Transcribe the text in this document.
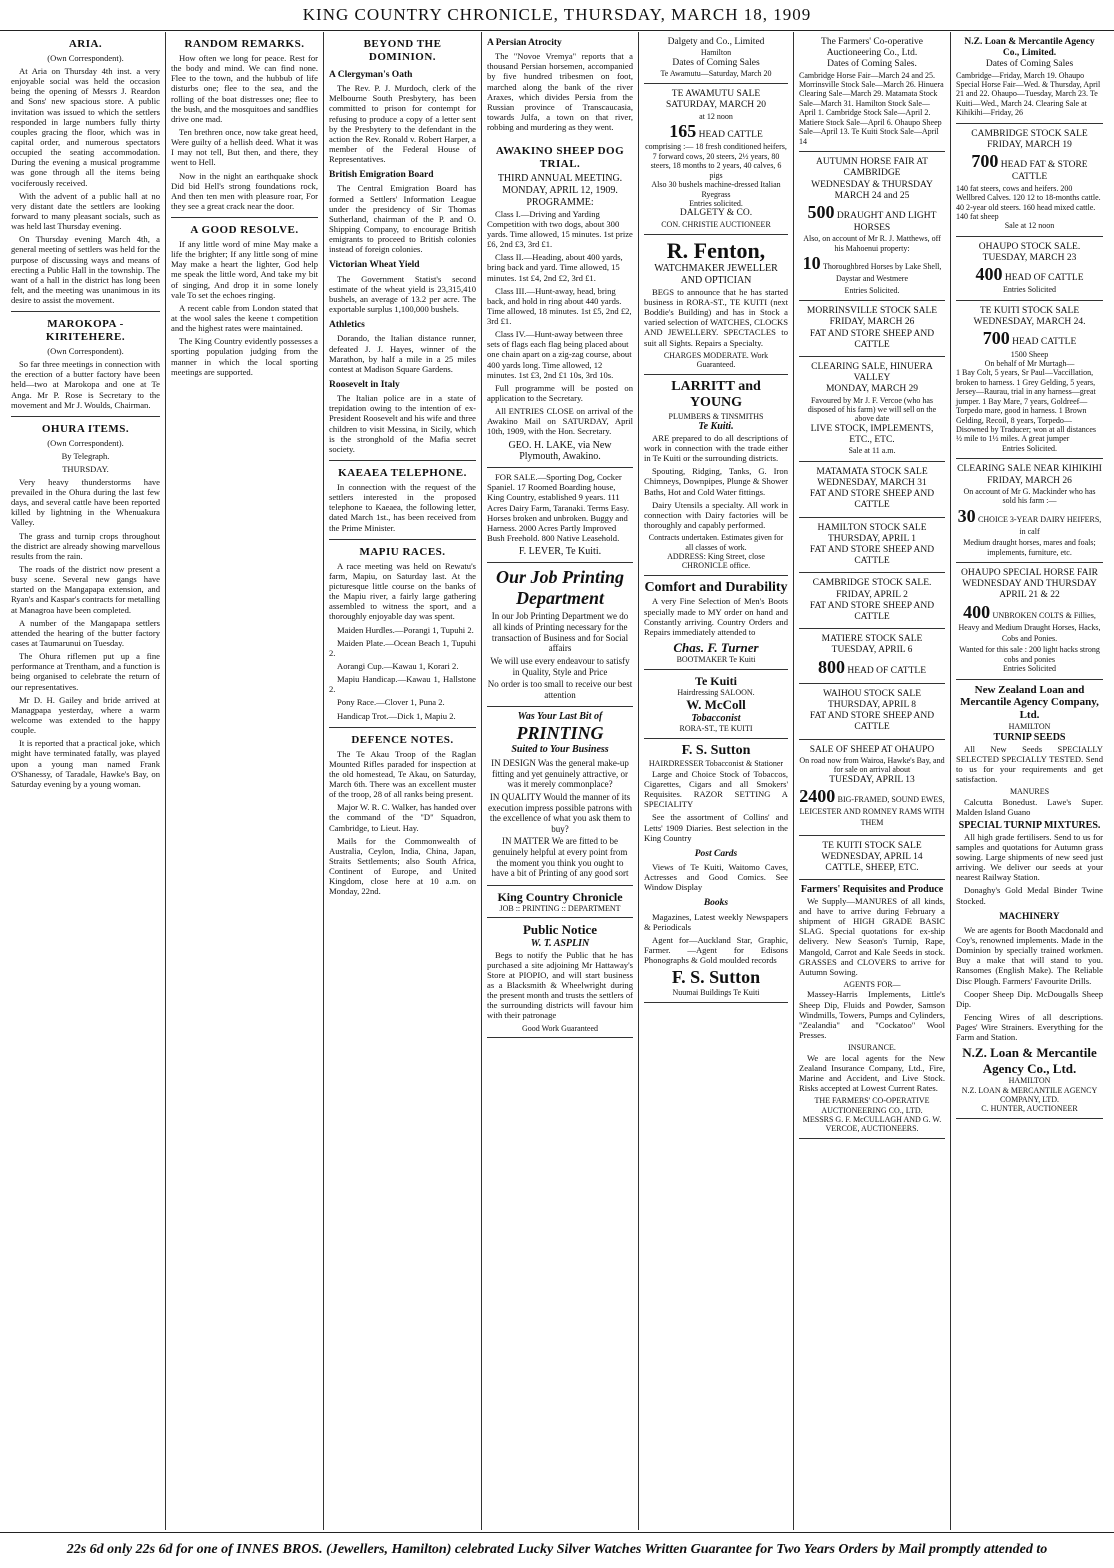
KING COUNTRY CHRONICLE, THURSDAY, MARCH 18, 1909
ARIA.
(Own Correspondent).

At Aria on Thursday 4th inst. a very enjoyable social was held the occasion being the opening of Messrs J. Reardon and Sons' new spacious store. A public invitation was issued to which the settlers responded in large numbers fully thirty couples gracing the floor, which was in capital order, and numerous spectators occupied the seating accommodation. During the evening a musical programme was gone through all the items being vociferously received.

With the advent of a public hall at no very distant date the settlers are looking forward to many pleasant socials, such as was held last Thursday evening.

On Thursday evening March 4th, a general meeting of settlers was held for the purpose of discussing ways and means of erecting a Public Hall in the township. The want of a hall in the district has long been felt, and the meeting was unanimous in its desire to assist the movement.

MAROKOPA - KIRITEHERE.
(Own Correspondent).

So far three meetings in connection with the erection of a butter factory have been held—two at Marokopa and one at Te Anga. Mr P. Rose is Secretary to the movement and Mr J. Woulds, Chairman.

OHURA ITEMS.
(Own Correspondent).
By Telegraph.
THURSDAY.

Very heavy thunderstorms have prevailed in the Ohura during the last few days, and several cattle have been reported killed by lightning in the Whenuakura Valley.

The grass and turnip crops throughout the district are already showing marvellous results from the rain.

The roads of the district now present a busy scene. Several new gangs have started on the Mangapapa extension, and Ryan's and Kaspar's contracts for metalling at Managroa have been completed.

A number of the Mangapapa settlers attended the hearing of the butter factory cases at Taumarunui on Tuesday.

The Ohura riflemen put up a fine performance at Trentham, and a function is being organised to celebrate the return of our representatives.

Mr D. H. Gailey and bride arrived at Managpapa yesterday, where a warm welcome was extended to the happy couple.

It is reported that a practical joke, which might have terminated fatally, was played upon a young man named Frank O'Shanessy, of Taradale, Hawke's Bay, on Saturday evening by a young woman.

RANDOM REMARKS.

How often we long for peace. Rest for the body and mind. We can find none. Flee to the town, and the hubbub of life disturbs one; flee to the sea, and the rolling of the boat distresses one; flee to the bush, and the mosquitoes and sandflies drive one mad.

Ten brethren once, now take great heed, Were guilty of a hellish deed. What it was I may not tell, But then, and there, they went to Hell.

Now in the night an earthquake shock Did bid Hell's strong foundations rock, And then ten men with pleasure roar, For they see a great crack near the door.

A GOOD RESOLVE.

If any little word of mine May make a life the brighter; If any little song of mine May make a heart the lighter, God help me speak the little word, And take my bit of singing, And drop it in some lonely vale To set the echoes ringing.

A recent cable from London stated that at the wool sales the keene t competition and the highest rates were maintained.

The King Country evidently possesses a sporting population judging from the manner in which the local sporting meetings are supported.

BEYOND THE DOMINION.
A Clergyman's Oath

The Rev. P. J. Murdoch, clerk of the Melbourne South Presbytery, has been committed to prison for contempt for refusing to produce a copy of a letter sent by the Presbytery to the defendant in the action the Rev. Ronald v. Robert Harper, a member of the Federal House of Representatives.

British Emigration Board

The Central Emigration Board has formed a Settlers' Information League under the presidency of Sir Thomas Sutherland, chairman of the P. and O. Shipping Company, to encourage British emigrants to proceed to British colonies instead of foreign colonies.

Victorian Wheat Yield

The Government Statist's second estimate of the wheat yield is 23,315,410 bushels, an average of 13.2 per acre. The exportable surplus 1,100,000 bushels.

Athletics

Dorando, the Italian distance runner, defeated J. J. Hayes, winner of the Marathon, by half a mile in a 25 miles contest at Madison Square Gardens.

Roosevelt in Italy

The Italian police are in a state of trepidation owing to the intention of ex-President Roosevelt and his wife and three children to visit Messina, in Sicily, which is the stronghold of the Mafia secret society.

KAEAEA TELEPHONE.

In connection with the request of the settlers interested in the proposed telephone to Kaeaea, the following letter, dated March 1st., has been received from the Prime Minister.

MAPIU RACES.

A race meeting was held on Rewatu's farm, Mapiu, on Saturday last. At the picturesque little course on the banks of the Mapiu river, a fairly large gathering assembled to witness the sport, and a thoroughly enjoyable day was spent.

Maiden Hurdles.—Porangi 1, Tupuhi 2.

Maiden Plate.—Ocean Beach 1, Tupuhi 2.

Aorangi Cup.—Kawau 1, Korari 2.

Mapiu Handicap.—Kawau 1, Hallstone 2.

Pony Race.—Clover 1, Puna 2.

Handicap Trot.—Dick 1, Mapiu 2.

DEFENCE NOTES.

The Te Akau Troop of the Raglan Mounted Rifles paraded for inspection at the old homestead, Te Akau, on Saturday, March 6th. There was an excellent muster of the troop, 28 of all ranks being present.

Major W. R. C. Walker, has handed over the command of the "D" Squadron, Cambridge, to Lieut. Hay.

Mails for the Commonwealth of Australia, Ceylon, India, China, Japan, Straits Settlements; also South Africa, Continent of Europe, and United Kingdom, close here at 10 a.m. on Monday, 22nd.

A Persian Atrocity

The "Novoe Vremya" reports that a thousand Persian horsemen, accompanied by five hundred tribesmen on foot, marched along the bank of the river Araxes, which divides Persia from the Russian province of Transcaucasia, towards Julfa, a town on that river, robbing and murdering as they went.

AWAKINO SHEEP DOG TRIAL.
THIRD ANNUAL MEETING.
MONDAY, APRIL 12, 1909.
PROGRAMME:

Class I.—Driving and Yarding Competition with two dogs, about 300 yards. Time allowed, 15 minutes. 1st prize £6, 2nd £3, 3rd £1.

Class II.—Heading, about 400 yards, bring back and yard. Time allowed, 15 minutes. 1st £4, 2nd £2, 3rd £1.

Class III.—Hunt-away, head, bring back, and hold in ring about 440 yards. Time allowed, 18 minutes. 1st £5, 2nd £2, 3rd £1.

Class IV.—Hunt-away between three sets of flags each flag being placed about one chain apart on a zig-zag course, about 400 yards long. Time allowed, 12 minutes. 1st £3, 2nd £1 10s, 3rd 10s.

Full programme will be posted on application to the Secretary.

All ENTRIES CLOSE on arrival of the Awakino Mail on SATURDAY, April 10th, 1909, with the Hon. Secretary.

GEO. H. LAKE, via New Plymouth, Awakino.

FOR SALE.—Sporting Dog, Cocker Spaniel. 17 Roomed Boarding house, King Country, established 9 years. 111 Acres Dairy Farm, Taranaki. Terms Easy. Horses broken and unbroken. Buggy and Harness. 2000 Acres Partly Improved Bush Freehold. 800 Native Leasehold.

F. LEVER, Te Kuiti.
Our Job Printing Department
In our Job Printing Department we do all kinds of Printing necessary for the transaction of Business and for Social affairs
We will use every endeavour to satisfy in Quality, Style and Price
No order is too small to receive our best attention
Was Your Last Bit of
PRINTING
Suited to Your Business
IN DESIGN Was the general make-up fitting and yet genuinely attractive, or was it merely commonplace?
IN QUALITY Would the manner of its execution impress possible patrons with the excellence of what you ask them to buy?
IN MATTER We are fitted to be genuinely helpful at every point from the moment you think you ought to have a bit of Printing of any good sort
King Country Chronicle
JOB :: PRINTING :: DEPARTMENT
Public Notice
W. T. ASPLIN

Begs to notify the Public that he has purchased a site adjoining Mr Hattaway's Store at PIOPIO, and will start business as a Blacksmith & Wheelwright during the present month and trusts the settlers of the surrounding districts will favour him with their patronage

Good Work Guaranteed
Dalgety and Co., Limited
Hamilton
Dates of Coming Sales
Te Awamutu—Saturday, March 20
TE AWAMUTU SALE
SATURDAY, MARCH 20
at 12 noon
165 HEAD CATTLE
comprising :— 18 fresh conditioned heifers, 7 forward cows, 20 steers, 2½ years, 80 steers, 18 months to 2 years, 40 calves, 6 pigs
Also 30 bushels machine-dressed Italian Ryegrass
Entries solicited.
DALGETY & CO.
CON. CHRISTIE AUCTIONEER
R. Fenton,
WATCHMAKER JEWELLER AND OPTICIAN

BEGS to announce that he has started business in RORA-ST., TE KUITI (next Boddie's Building) and has in Stock a varied selection of WATCHES, CLOCKS AND JEWELLERY. SPECTACLES to suit all Sights. Repairs a Specialty.

CHARGES MODERATE. Work Guaranteed.
LARRITT and YOUNG
PLUMBERS & TINSMITHS
Te Kuiti.

ARE prepared to do all descriptions of work in connection with the trade either in Te Kuiti or the surrounding districts.

Spouting, Ridging, Tanks, G. Iron Chimneys, Downpipes, Plunge & Shower Baths, Hot and Cold Water fittings.

Dairy Utensils a specialty. All work in connection with Dairy factories will be thoroughly and capably performed.

Contracts undertaken. Estimates given for all classes of work.
ADDRESS: King Street, close CHRONICLE office.
Comfort and Durability

A very Fine Selection of Men's Boots specially made to MY order on hand and Constantly arriving. Country Orders and Repairs immediately attended to

Chas. F. Turner
BOOTMAKER Te Kuiti
Te Kuiti
Hairdressing SALOON.
W. McColl
Tobacconist
RORA-ST., TE KUITI
F. S. Sutton
HAIRDRESSER Tobacconist & Stationer

Large and Choice Stock of Tobaccos, Cigarettes, Cigars and all Smokers' Requisites. RAZOR SETTING A SPECIALITY

See the assortment of Collins' and Letts' 1909 Diaries. Best selection in the King Country

Post Cards

Views of Te Kuiti, Waitomo Caves, Actresses and Good Comics. See Window Display

Books

Magazines, Latest weekly Newspapers & Periodicals

Agent for—Auckland Star, Graphic, Farmer. —Agent for Edisons Phonographs & Gold moulded records

F. S. Sutton
Nuumai Buildings Te Kuiti
The Farmers' Co-operative Auctioneering Co., Ltd.
Dates of Coming Sales.
Cambridge Horse Fair—March 24 and 25. Morrinsville Stock Sale—March 26. Hinuera Clearing Sale—March 29. Matamata Stock Sale—March 31. Hamilton Stock Sale—April 1. Cambridge Stock Sale—April 2. Matiere Stock Sale—April 6. Ohaupo Sheep Sale—April 13. Te Kuiti Stock Sale—April 14
AUTUMN HORSE FAIR AT CAMBRIDGE
WEDNESDAY & THURSDAY MARCH 24 and 25
500 DRAUGHT AND LIGHT HORSES
Also, on account of Mr R. J. Matthews, off his Mahoenui property:
10 Thoroughbred Horses by Lake Shell, Daystar and Westmere
Entries Solicited.
MORRINSVILLE STOCK SALE
FRIDAY, MARCH 26
FAT AND STORE SHEEP AND CATTLE
CLEARING SALE, HINUERA VALLEY
MONDAY, MARCH 29
Favoured by Mr J. F. Vercoe (who has disposed of his farm) we will sell on the above date
LIVE STOCK, IMPLEMENTS, ETC., ETC.
Sale at 11 a.m.
MATAMATA STOCK SALE
WEDNESDAY, MARCH 31
FAT AND STORE SHEEP AND CATTLE
HAMILTON STOCK SALE
THURSDAY, APRIL 1
FAT AND STORE SHEEP AND CATTLE
CAMBRIDGE STOCK SALE.
FRIDAY, APRIL 2
FAT AND STORE SHEEP AND CATTLE
MATIERE STOCK SALE
TUESDAY, APRIL 6
800 HEAD OF CATTLE
WAIHOU STOCK SALE
THURSDAY, APRIL 8
FAT AND STORE SHEEP AND CATTLE
SALE OF SHEEP AT OHAUPO
On road now from Wairoa, Hawke's Bay, and for sale on arrival about
TUESDAY, APRIL 13
2400 BIG-FRAMED, SOUND EWES, LEICESTER AND ROMNEY RAMS WITH THEM
TE KUITI STOCK SALE
WEDNESDAY, APRIL 14
CATTLE, SHEEP, ETC.
Farmers' Requisites and Produce

We Supply—MANURES of all kinds, and have to arrive during February a shipment of HIGH GRADE BASIC SLAG. Special quotations for ex-ship delivery. New Season's Turnip, Rape, Mangold, Carrot and Kale Seeds in stock. GRASSES and CLOVERS to arrive for Autumn Sowing.

AGENTS FOR—

Massey-Harris Implements, Little's Sheep Dip, Fluids and Powder, Samson Windmills, Towers, Pumps and Cylinders, "Zealandia" and "Cockatoo" Wool Presses.

INSURANCE.

We are local agents for the New Zealand Insurance Company, Ltd., Fire, Marine and Accident, and Live Stock. Risks accepted at Lowest Current Rates.

THE FARMERS' CO-OPERATIVE AUCTIONEERING CO., LTD.
MESSRS G. F. McCULLAGH AND G. W. VERCOE, AUCTIONEERS.
N.Z. Loan & Mercantile Agency Co., Limited.
Dates of Coming Sales
Cambridge—Friday, March 19. Ohaupo Special Horse Fair—Wed. & Thursday, April 21 and 22. Ohaupo—Tuesday, March 23. Te Kuiti—Wed., March 24. Clearing Sale at Kihikihi—Friday, 26
CAMBRIDGE STOCK SALE
FRIDAY, MARCH 19
700 HEAD FAT & STORE CATTLE
140 fat steers, cows and heifers. 200 Wellbred Calves. 120 12 to 18-months cattle. 40 2-year old steers. 160 head mixed cattle. 140 fat sheep
Sale at 12 noon
OHAUPO STOCK SALE.
TUESDAY, MARCH 23
400 HEAD OF CATTLE
Entries Solicited
TE KUITI STOCK SALE
WEDNESDAY, MARCH 24.
700 HEAD CATTLE
1500 Sheep
On behalf of Mr Murtagh—
1 Bay Colt, 5 years, Sr Paul—Vaccillation, broken to harness. 1 Grey Gelding, 5 years, Jersey—Raurau, trial in any harness—great jumper. 1 Bay Mare, 7 years, Goldreef—Torpedo mare, good in harness. 1 Brown Gelding, Recoil, 8 years, Torpedo—Disowned by Traducer; won at all distances ½ mile to 1½ miles. A great jumper
Entries Solicited.
CLEARING SALE NEAR KIHIKIHI
FRIDAY, MARCH 26
On account of Mr G. Mackinder who has sold his farm :—
30 CHOICE 3-YEAR DAIRY HEIFERS, in calf
Medium draught horses, mares and foals; implements, furniture, etc.
OHAUPO SPECIAL HORSE FAIR
WEDNESDAY AND THURSDAY APRIL 21 & 22
400 UNBROKEN COLTS & Fillies, Heavy and Medium Draught Horses, Hacks, Cobs and Ponies.
Wanted for this sale : 200 light hacks strong cobs and ponies
Entries Solicited
New Zealand Loan and Mercantile Agency Company, Ltd.
HAMILTON
TURNIP SEEDS

All New Seeds SPECIALLY SELECTED SPECIALLY TESTED. Send to us for your requirements and get satisfaction.

MANURES

Calcutta Bonedust. Lawe's Super. Malden Island Guano

SPECIAL TURNIP MIXTURES.

All high grade fertilisers. Send to us for samples and quotations for Autumn grass sowing. Large shipments of new seed just arriving. We deliver our seeds at your nearest Railway Station.

Donaghy's Gold Medal Binder Twine Stocked.

MACHINERY

We are agents for Booth Macdonald and Coy's, renowned implements. Made in the Dominion by specially trained workmen. Buy a make that will stand to you. Ransomes (English Make). The Reliable Disc Plough. Farmers' Favourite Drills.

Cooper Sheep Dip. McDougalls Sheep Dip.

Fencing Wires of all descriptions. Pages' Wire Strainers. Everything for the Farm and Station.

N.Z. Loan & Mercantile Agency Co., Ltd.
HAMILTON
N.Z. LOAN & MERCANTILE AGENCY COMPANY, LTD.
C. HUNTER, AUCTIONEER
22s 6d only 22s 6d for one of INNES BROS. (Jewellers, Hamilton) celebrated Lucky Silver Watches Written Guarantee for Two Years Orders by Mail promptly attended to
